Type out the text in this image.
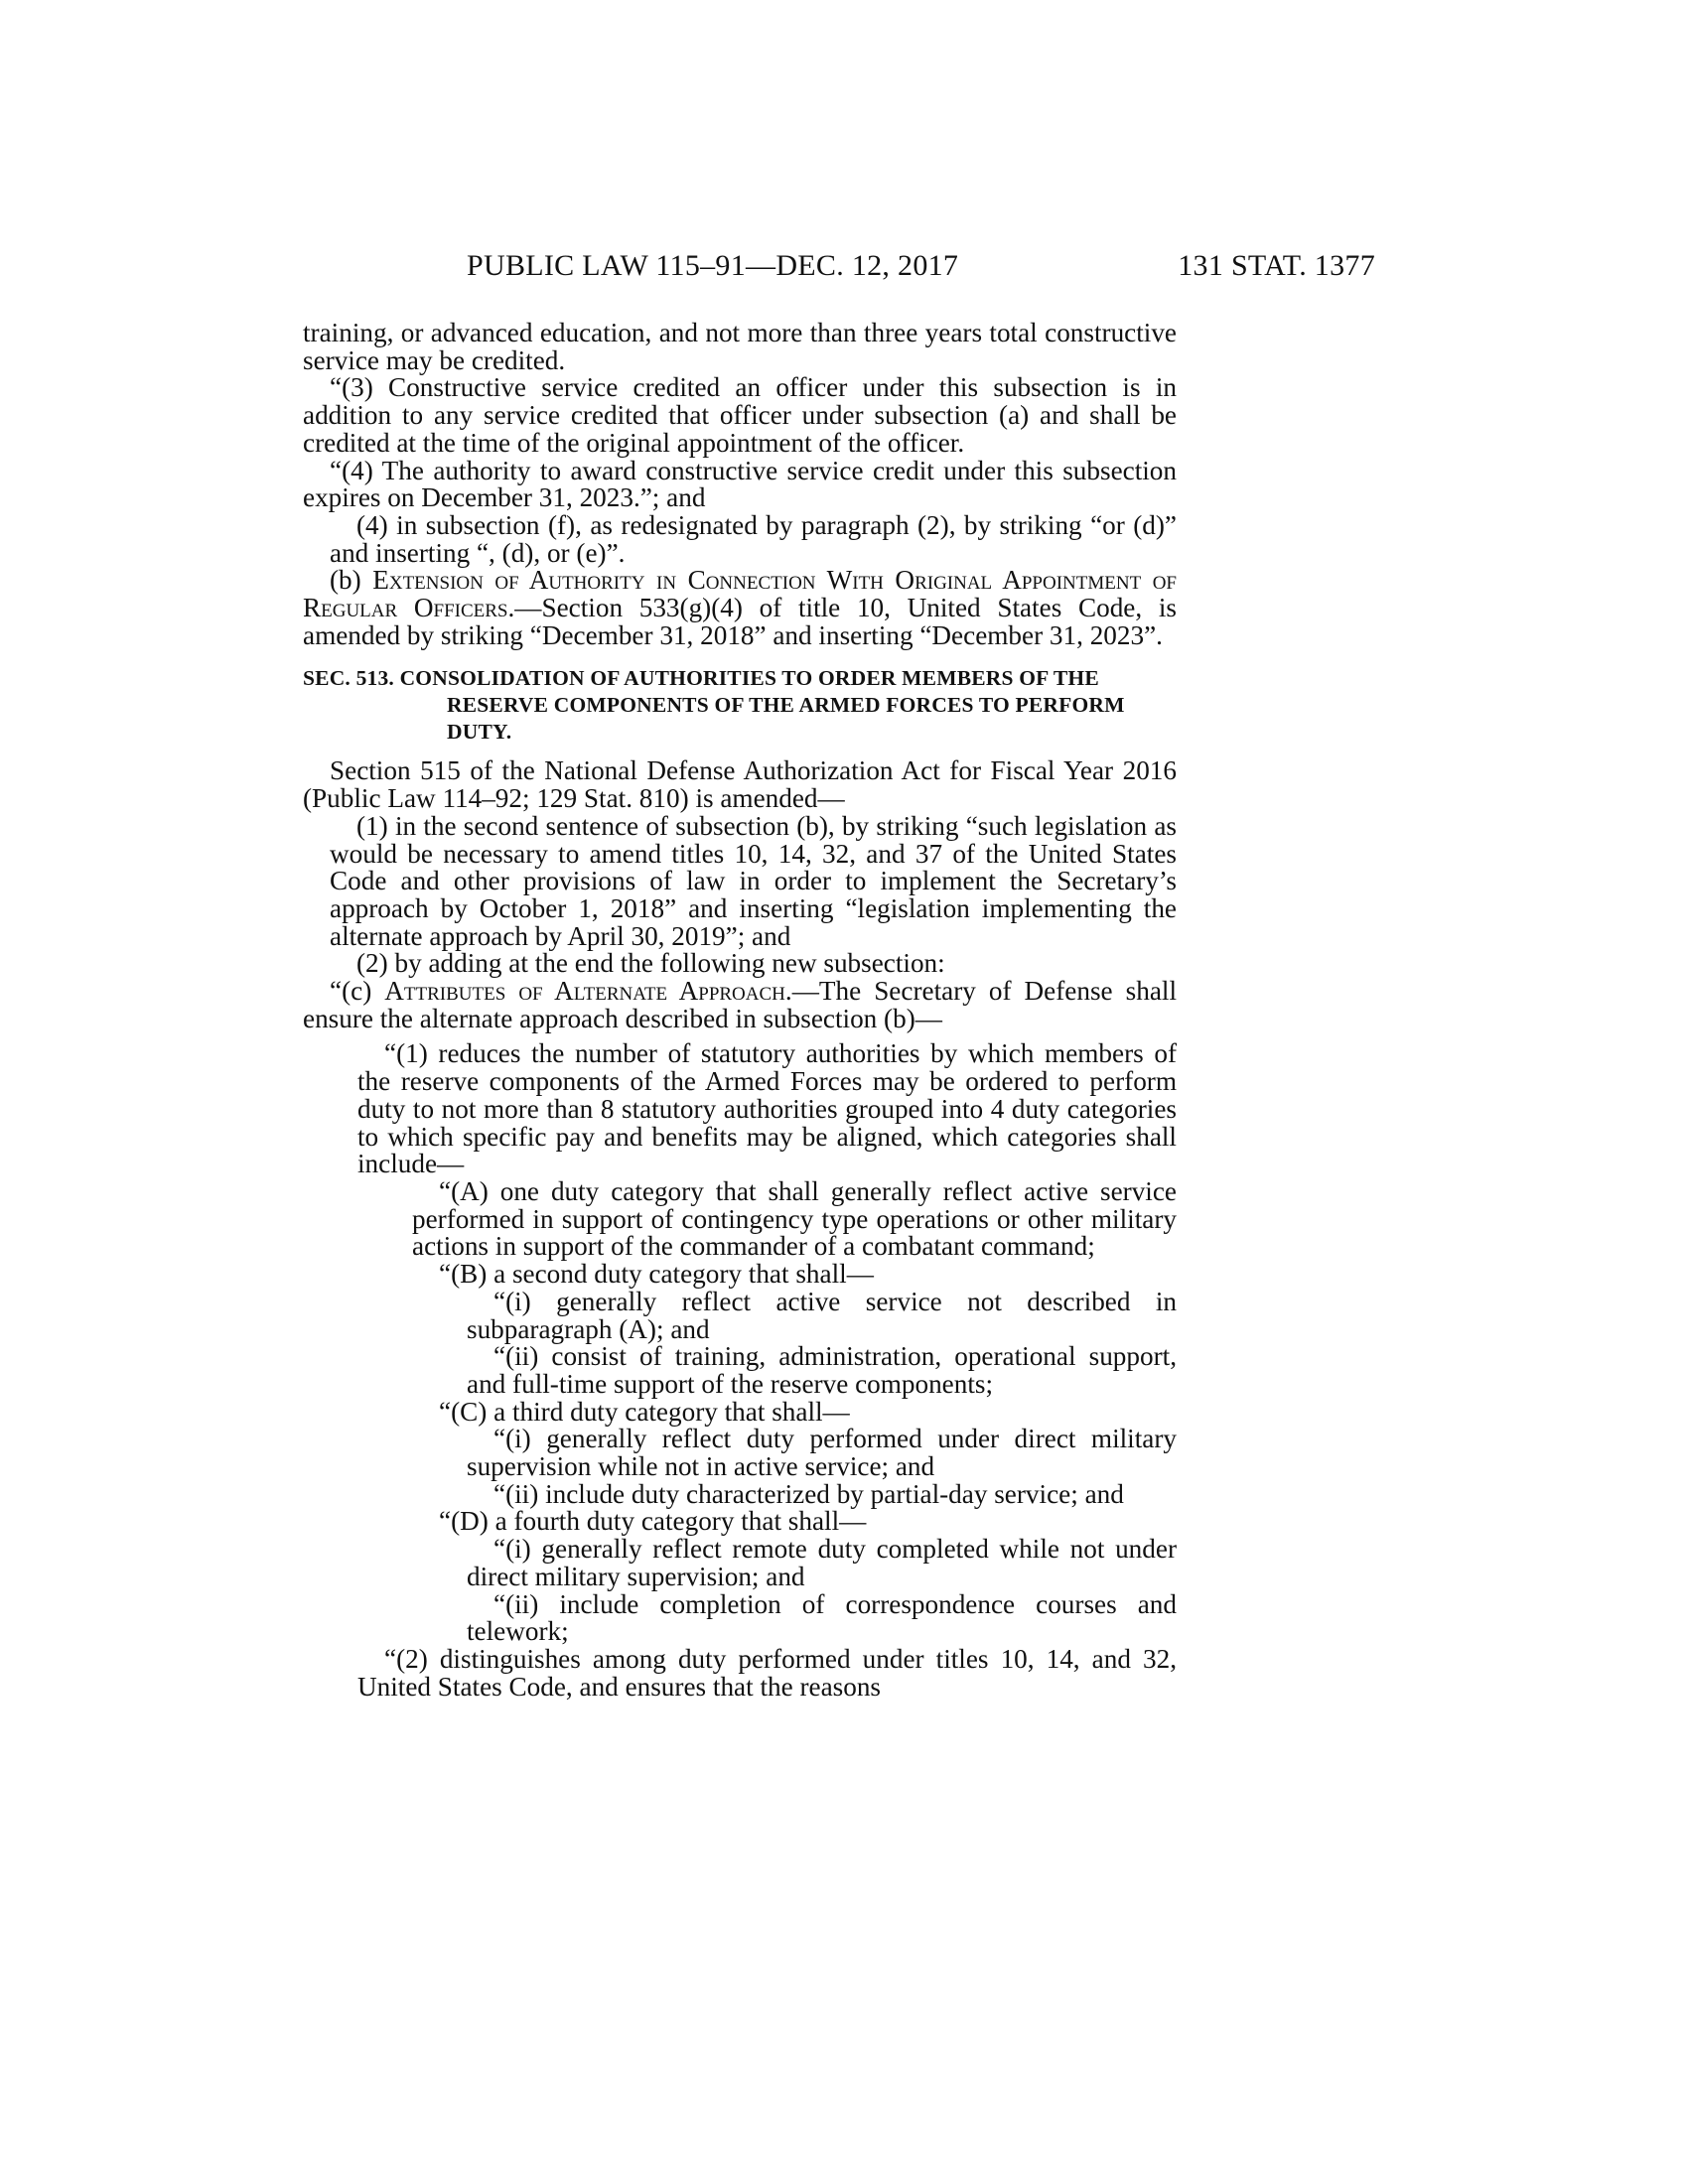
PUBLIC LAW 115–91—DEC. 12, 2017	131 STAT. 1377

training, or advanced education, and not more than three years total constructive service may be credited.

“(3) Constructive service credited an officer under this subsection is in addition to any service credited that officer under subsection (a) and shall be credited at the time of the original appointment of the officer.

“(4) The authority to award constructive service credit under this subsection expires on December 31, 2023.”; and

(4) in subsection (f), as redesignated by paragraph (2), by striking “or (d)” and inserting “, (d), or (e)”.

(b) Extension of Authority in Connection With Original Appointment of Regular Officers.—Section 533(g)(4) of title 10, United States Code, is amended by striking “December 31, 2018” and inserting “December 31, 2023”.

SEC. 513. CONSOLIDATION OF AUTHORITIES TO ORDER MEMBERS OF THE RESERVE COMPONENTS OF THE ARMED FORCES TO PERFORM DUTY.

Section 515 of the National Defense Authorization Act for Fiscal Year 2016 (Public Law 114–92; 129 Stat. 810) is amended—

(1) in the second sentence of subsection (b), by striking “such legislation as would be necessary to amend titles 10, 14, 32, and 37 of the United States Code and other provisions of law in order to implement the Secretary’s approach by October 1, 2018” and inserting “legislation implementing the alternate approach by April 30, 2019”; and

(2) by adding at the end the following new subsection:

“(c) Attributes of Alternate Approach.—The Secretary of Defense shall ensure the alternate approach described in subsection (b)—

“(1) reduces the number of statutory authorities by which members of the reserve components of the Armed Forces may be ordered to perform duty to not more than 8 statutory authorities grouped into 4 duty categories to which specific pay and benefits may be aligned, which categories shall include—

“(A) one duty category that shall generally reflect active service performed in support of contingency type operations or other military actions in support of the commander of a combatant command;

“(B) a second duty category that shall—

“(i) generally reflect active service not described in subparagraph (A); and

“(ii) consist of training, administration, operational support, and full-time support of the reserve components;

“(C) a third duty category that shall—

“(i) generally reflect duty performed under direct military supervision while not in active service; and

“(ii) include duty characterized by partial-day service; and

“(D) a fourth duty category that shall—

“(i) generally reflect remote duty completed while not under direct military supervision; and

“(ii) include completion of correspondence courses and telework;

“(2) distinguishes among duty performed under titles 10, 14, and 32, United States Code, and ensures that the reasons
